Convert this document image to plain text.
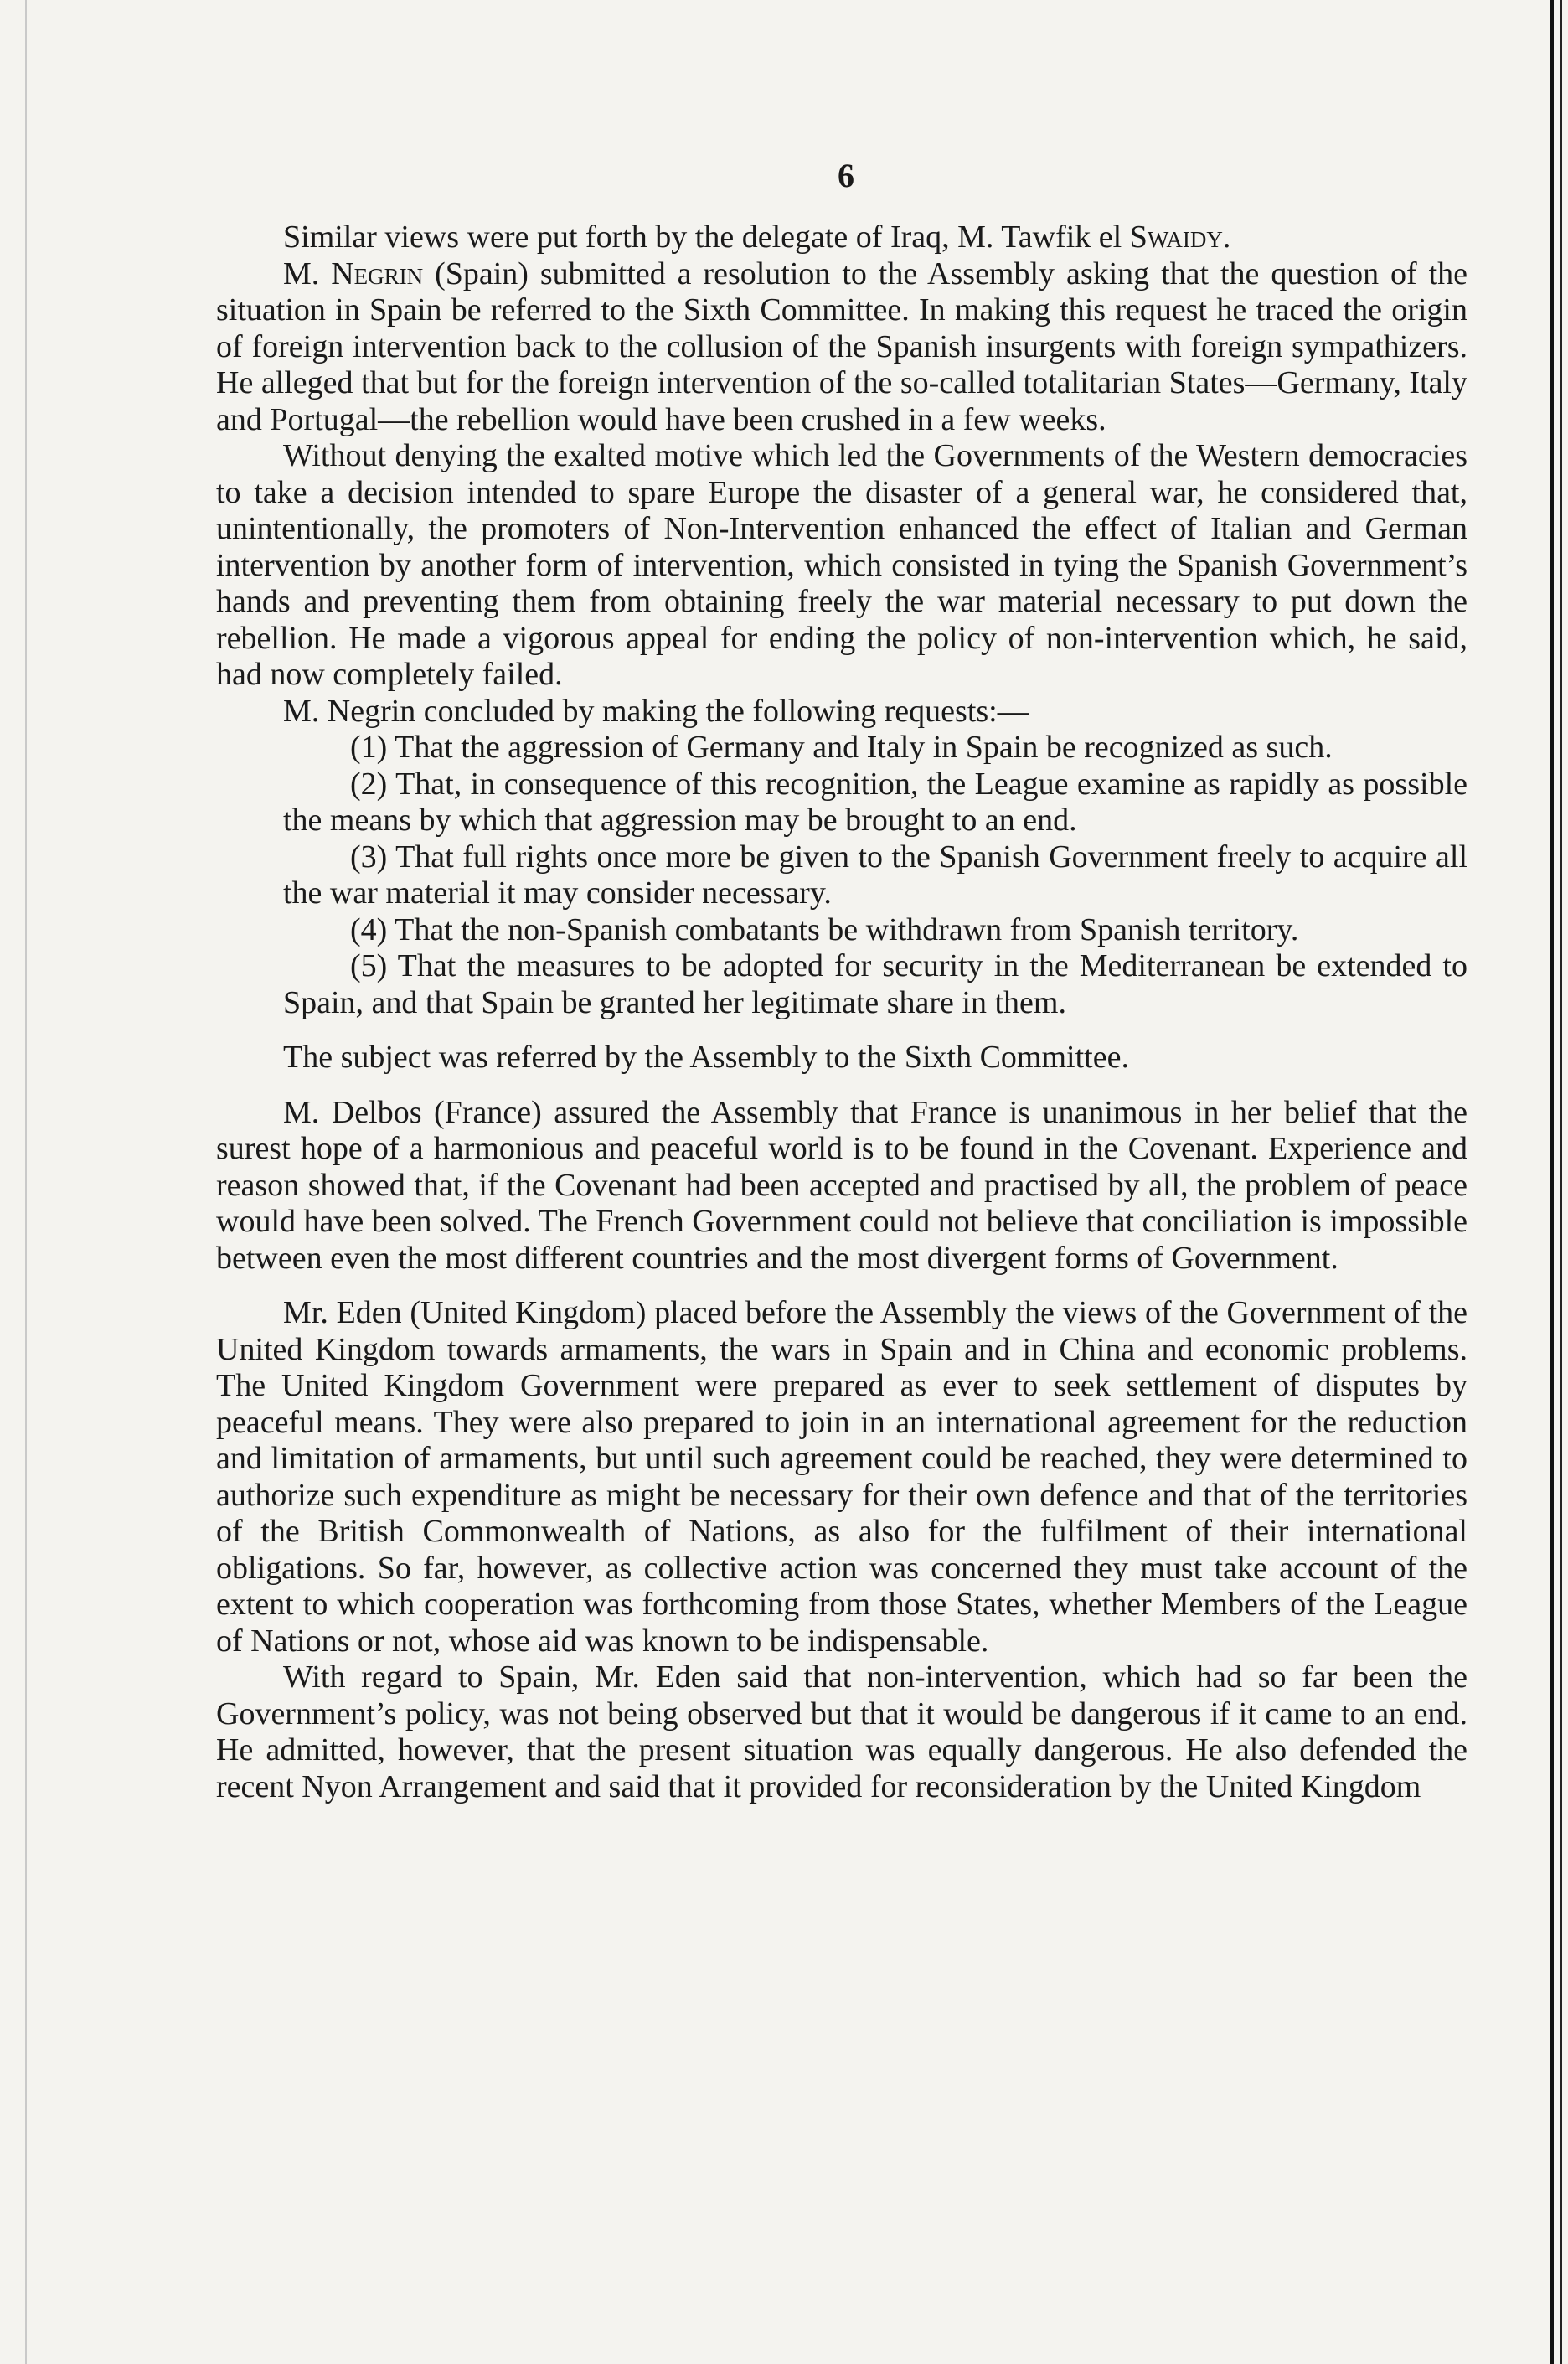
6

Similar views were put forth by the delegate of Iraq, M. Tawfik el Swaidy.

M. Negrin (Spain) submitted a resolution to the Assembly asking that the question of the situation in Spain be referred to the Sixth Committee. In making this request he traced the origin of foreign intervention back to the collusion of the Spanish insurgents with foreign sympathizers. He alleged that but for the foreign intervention of the so-called totalitarian States—Germany, Italy and Portugal—the rebellion would have been crushed in a few weeks.

Without denying the exalted motive which led the Governments of the Western democracies to take a decision intended to spare Europe the disaster of a general war, he considered that, unintentionally, the promoters of Non-Intervention enhanced the effect of Italian and German intervention by another form of intervention, which consisted in tying the Spanish Government’s hands and preventing them from obtaining freely the war material necessary to put down the rebellion. He made a vigorous appeal for ending the policy of non-intervention which, he said, had now completely failed.

M. Negrin concluded by making the following requests:—

(1) That the aggression of Germany and Italy in Spain be recognized as such.

(2) That, in consequence of this recognition, the League examine as rapidly as possible the means by which that aggression may be brought to an end.

(3) That full rights once more be given to the Spanish Government freely to acquire all the war material it may consider necessary.

(4) That the non-Spanish combatants be withdrawn from Spanish territory.

(5) That the measures to be adopted for security in the Mediterranean be extended to Spain, and that Spain be granted her legitimate share in them.

The subject was referred by the Assembly to the Sixth Committee.

M. Delbos (France) assured the Assembly that France is unanimous in her belief that the surest hope of a harmonious and peaceful world is to be found in the Covenant. Experience and reason showed that, if the Covenant had been accepted and practised by all, the problem of peace would have been solved. The French Government could not believe that conciliation is impossible between even the most different countries and the most divergent forms of Government.

Mr. Eden (United Kingdom) placed before the Assembly the views of the Government of the United Kingdom towards armaments, the wars in Spain and in China and economic problems. The United Kingdom Government were prepared as ever to seek settlement of disputes by peaceful means. They were also prepared to join in an international agreement for the reduction and limitation of armaments, but until such agreement could be reached, they were determined to authorize such expenditure as might be necessary for their own defence and that of the territories of the British Commonwealth of Nations, as also for the fulfilment of their international obligations. So far, however, as collective action was concerned they must take account of the extent to which cooperation was forthcoming from those States, whether Members of the League of Nations or not, whose aid was known to be indispensable.

With regard to Spain, Mr. Eden said that non-intervention, which had so far been the Government’s policy, was not being observed but that it would be dangerous if it came to an end. He admitted, however, that the present situation was equally dangerous. He also defended the recent Nyon Arrangement and said that it provided for reconsideration by the United Kingdom
